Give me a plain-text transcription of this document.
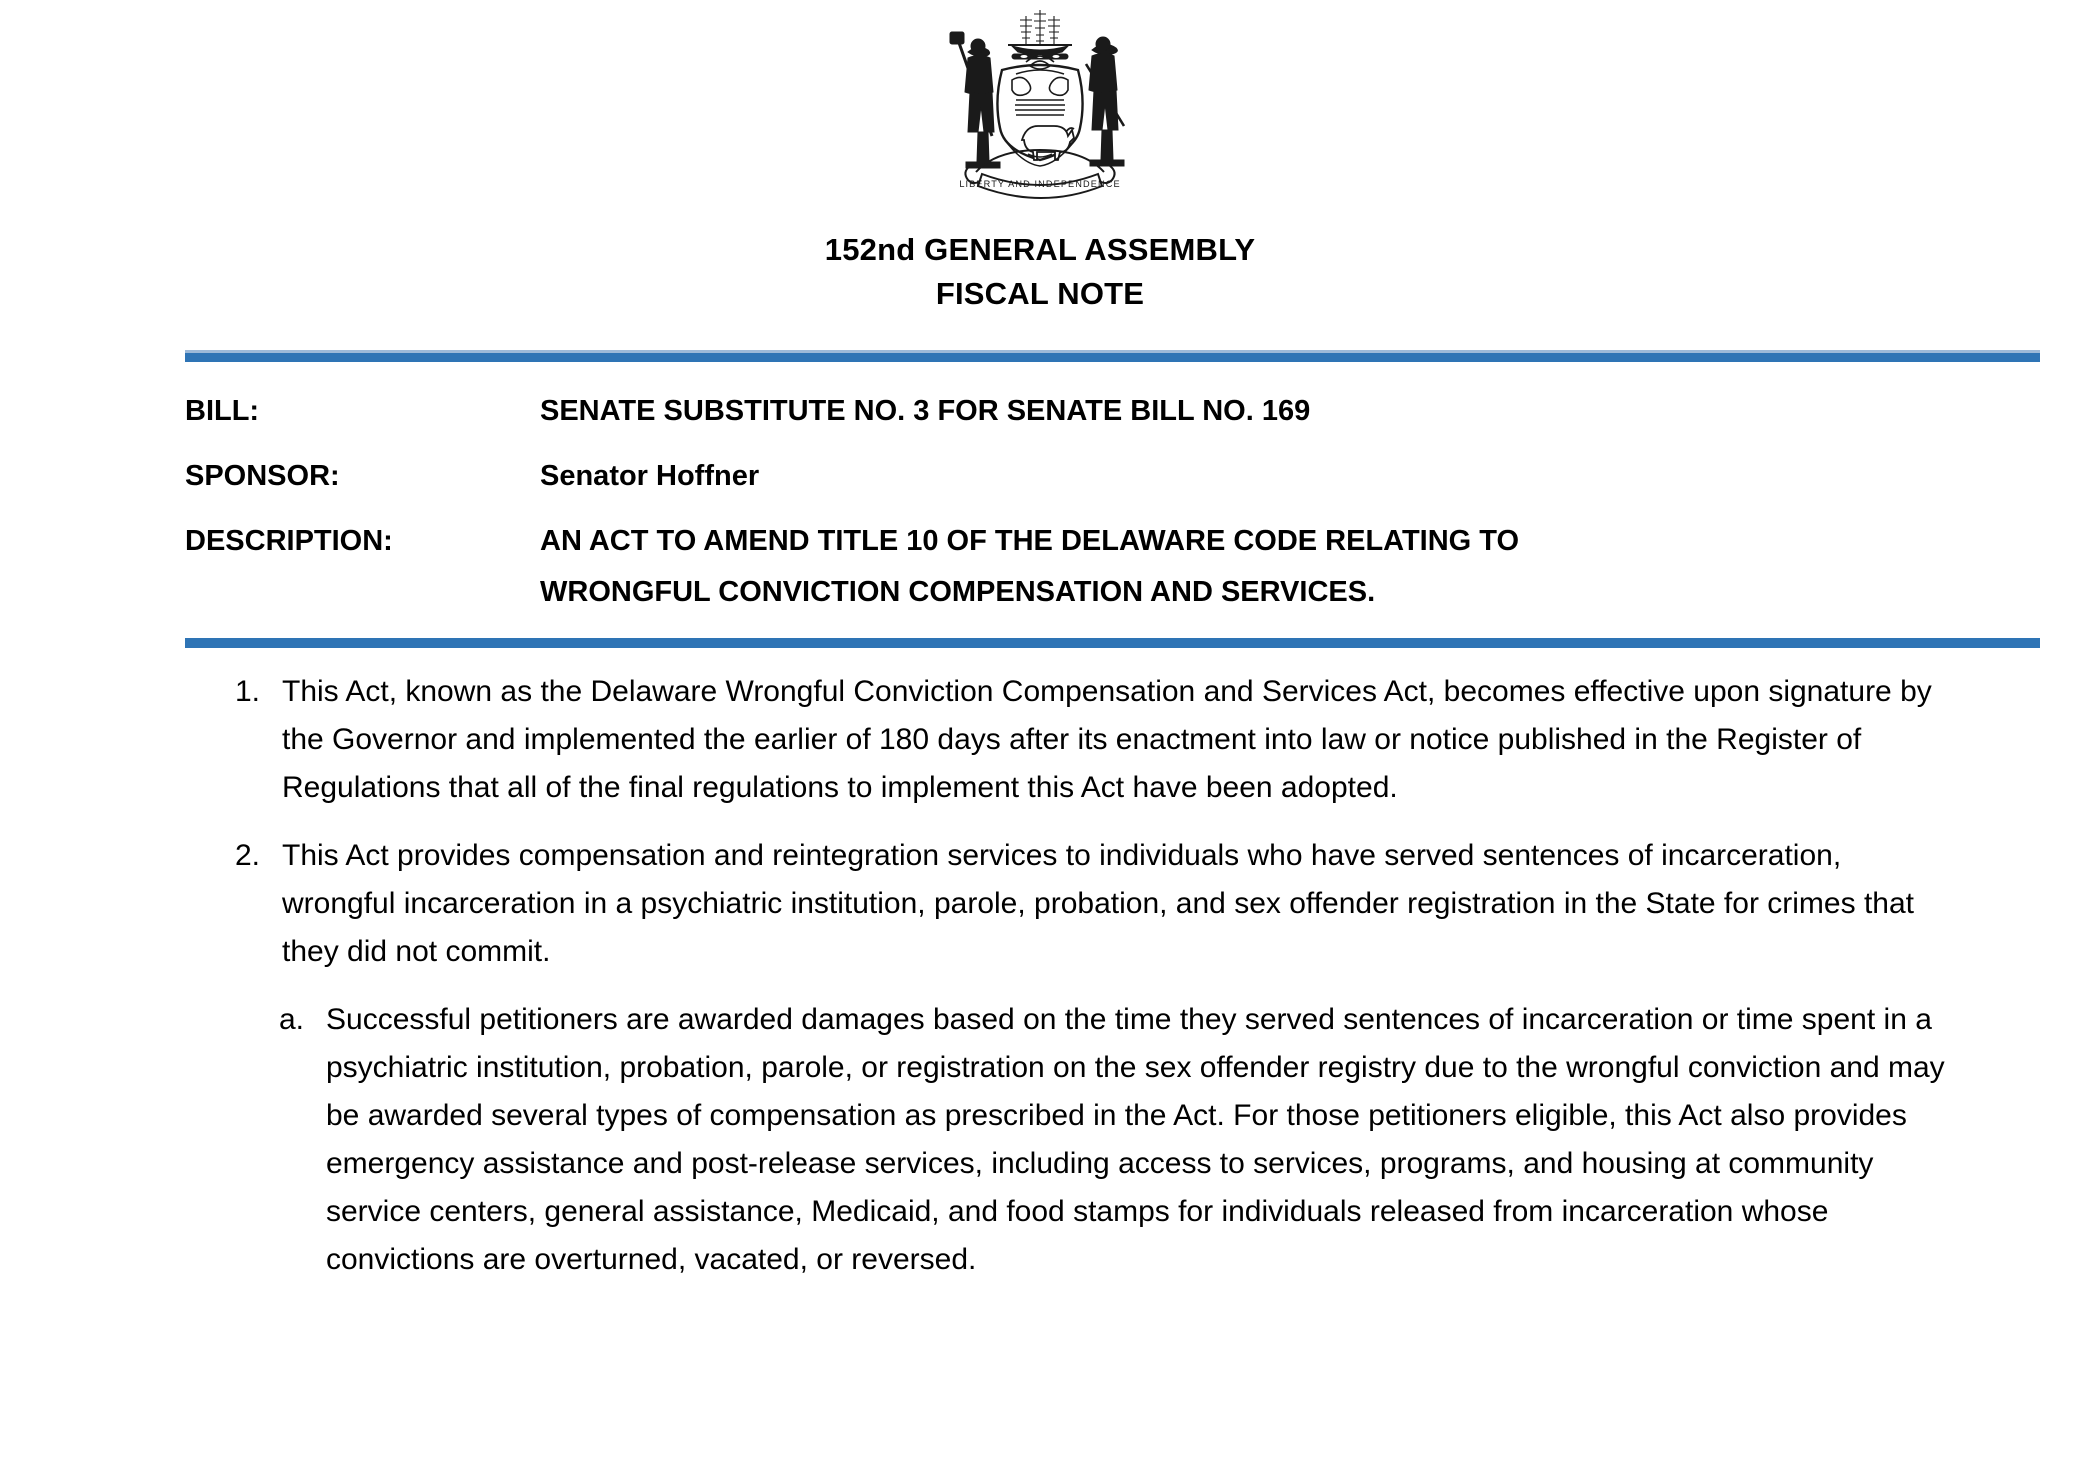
LIBERTY AND INDEPENDENCE
152nd GENERAL ASSEMBLY
FISCAL NOTE
BILL:	SENATE SUBSTITUTE NO. 3 FOR SENATE BILL NO. 169
SPONSOR:	Senator Hoffner
DESCRIPTION:	AN ACT TO AMEND TITLE 10 OF THE DELAWARE CODE RELATING TO
WRONGFUL CONVICTION COMPENSATION AND SERVICES.
1. This Act, known as the Delaware Wrongful Conviction Compensation and Services Act, becomes effective upon signature by the Governor and implemented the earlier of 180 days after its enactment into law or notice published in the Register of Regulations that all of the final regulations to implement this Act have been adopted.
2. This Act provides compensation and reintegration services to individuals who have served sentences of incarceration, wrongful incarceration in a psychiatric institution, parole, probation, and sex offender registration in the State for crimes that they did not commit.
a. Successful petitioners are awarded damages based on the time they served sentences of incarceration or time spent in a psychiatric institution, probation, parole, or registration on the sex offender registry due to the wrongful conviction and may be awarded several types of compensation as prescribed in the Act. For those petitioners eligible, this Act also provides emergency assistance and post-release services, including access to services, programs, and housing at community service centers, general assistance, Medicaid, and food stamps for individuals released from incarceration whose convictions are overturned, vacated, or reversed.
